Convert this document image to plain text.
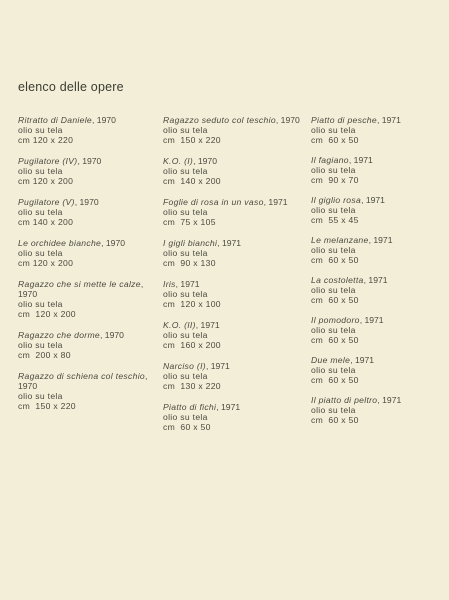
elenco delle opere
Ritratto di Daniele, 1970
olio su tela
cm 120 x 220
Pugilatore (IV), 1970
olio su tela
cm 120 x 200
Pugilatore (V), 1970
olio su tela
cm 140 x 200
Le orchidee bianche, 1970
olio su tela
cm 120 x 200
Ragazzo che si mette le calze, 1970
olio su tela
cm  120 x 200
Ragazzo che dorme, 1970
olio su tela
cm  200 x 80
Ragazzo di schiena col teschio, 1970
olio su tela
cm  150 x 220
Ragazzo seduto col teschio, 1970
olio su tela
cm  150 x 220
K.O. (I), 1970
olio su tela
cm  140 x 200
Foglie di rosa in un vaso, 1971
olio su tela
cm  75 x 105
I gigli bianchi, 1971
olio su tela
cm  90 x 130
Iris, 1971
olio su tela
cm  120 x 100
K.O. (II), 1971
olio su tela
cm  160 x 200
Narciso (I), 1971
olio su tela
cm  130 x 220
Piatto di fichi, 1971
olio su tela
cm  60 x 50
Piatto di pesche, 1971
olio su tela
cm  60 x 50
Il fagiano, 1971
olio su tela
cm  90 x 70
Il giglio rosa, 1971
olio su tela
cm  55 x 45
Le melanzane, 1971
olio su tela
cm  60 x 50
La costoletta, 1971
olio su tela
cm  60 x 50
Il pomodoro, 1971
olio su tela
cm  60 x 50
Due mele, 1971
olio su tela
cm  60 x 50
Il piatto di peltro, 1971
olio su tela
cm  60 x 50
